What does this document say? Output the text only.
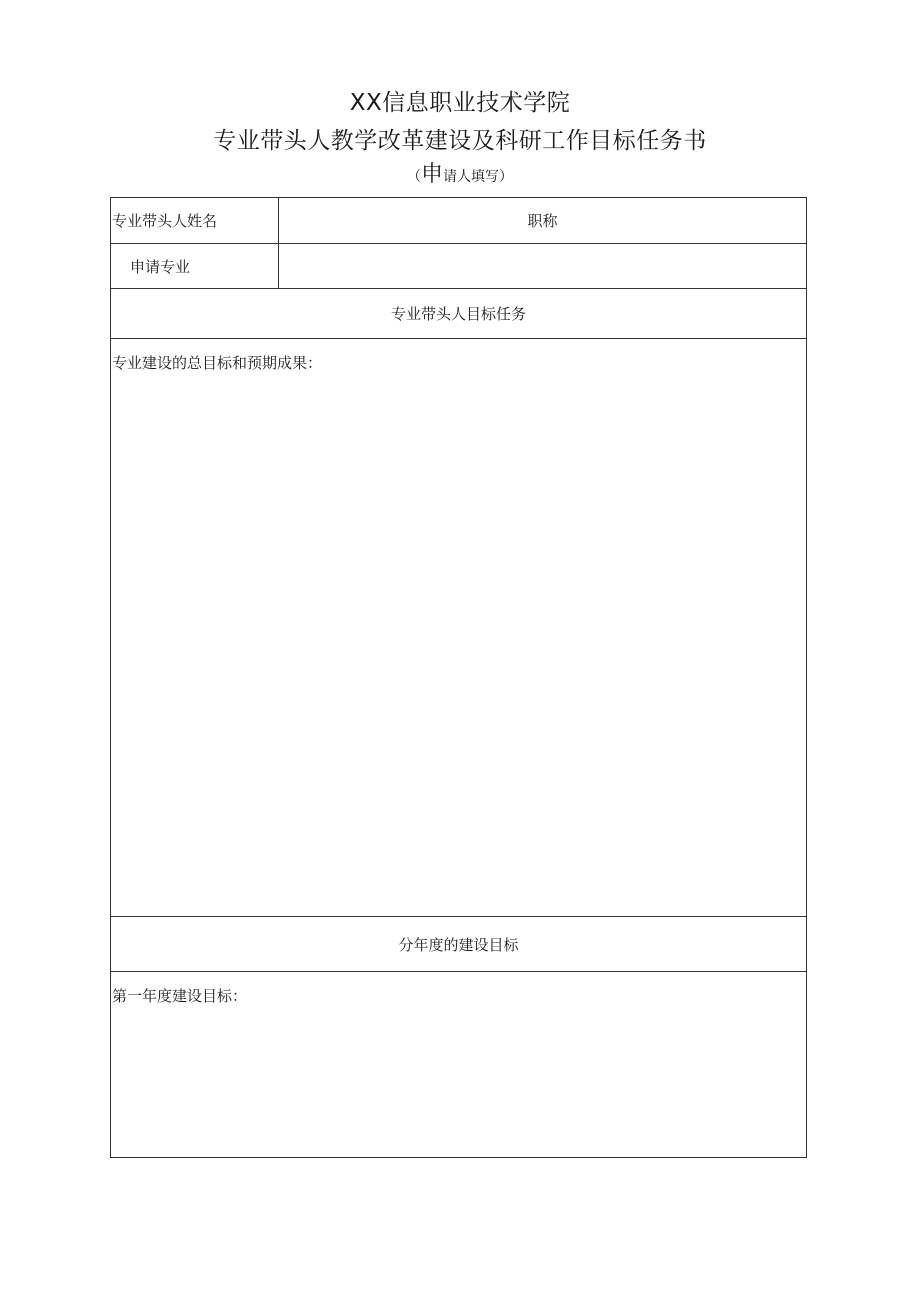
XX信息职业技术学院
专业带头人教学改革建设及科研工作目标任务书
（申请人填写）
专业带头人姓名	职称
申请专业
专业带头人目标任务
专业建设的总目标和预期成果：
分年度的建设目标
第一年度建设目标：
